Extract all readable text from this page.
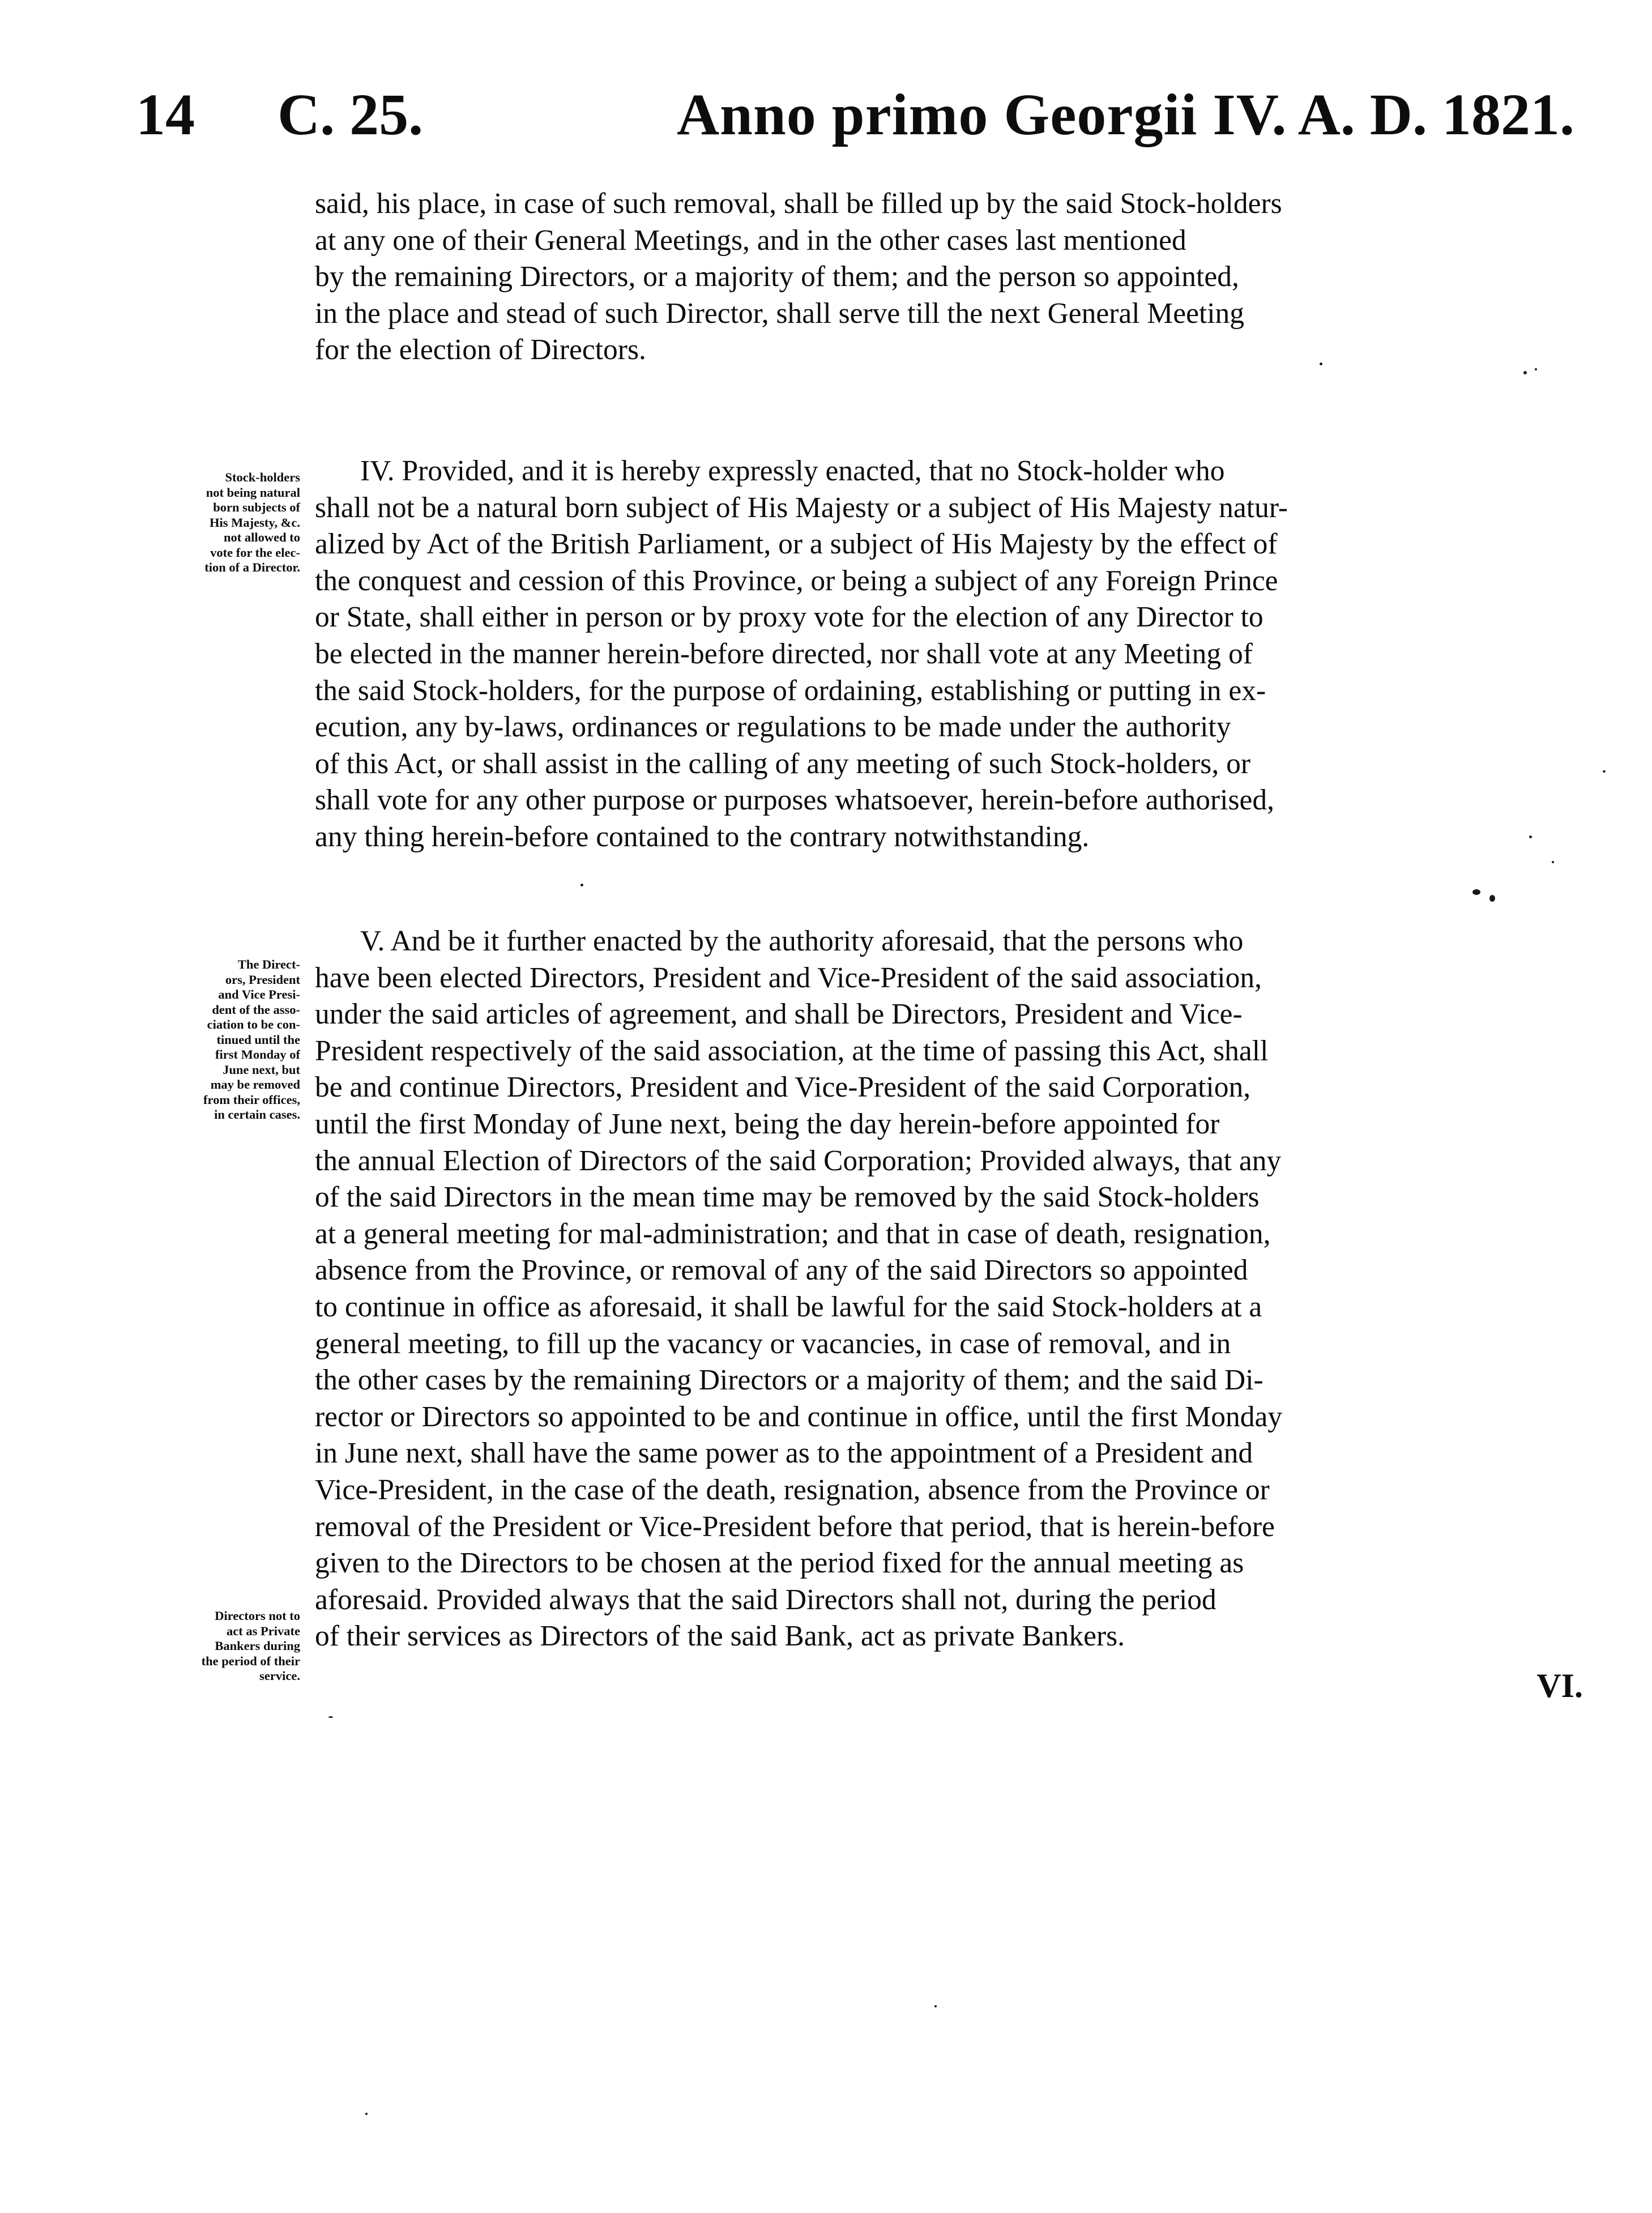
14 C. 25.	Anno primo Georgii IV. A. D. 1821.

said, his place, in case of such removal, shall be filled up by the said Stock-holders
at any one of their General Meetings, and in the other cases last mentioned
by the remaining Directors, or a majority of them; and the person so appointed,
in the place and stead of such Director, shall serve till the next General Meeting
for the election of Directors.

Stock-holders
not being natural
born subjects of
His Majesty, &c.
not allowed to
vote for the elec-
tion of a Director.

IV. Provided, and it is hereby expressly enacted, that no Stock-holder who
shall not be a natural born subject of His Majesty or a subject of His Majesty natur-
alized by Act of the British Parliament, or a subject of His Majesty by the effect of
the conquest and cession of this Province, or being a subject of any Foreign Prince
or State, shall either in person or by proxy vote for the election of any Director to
be elected in the manner herein-before directed, nor shall vote at any Meeting of
the said Stock-holders, for the purpose of ordaining, establishing or putting in ex-
ecution, any by-laws, ordinances or regulations to be made under the authority
of this Act, or shall assist in the calling of any meeting of such Stock-holders, or
shall vote for any other purpose or purposes whatsoever, herein-before authorised,
any thing herein-before contained to the contrary notwithstanding.

The Direct-
ors, President
and Vice Presi-
dent of the asso-
ciation to be con-
tinued until the
first Monday of
June next, but
may be removed
from their offices,
in certain cases.
Directors not to
act as Private
Bankers during
the period of their
service.

V. And be it further enacted by the authority aforesaid, that the persons who
have been elected Directors, President and Vice-President of the said association,
under the said articles of agreement, and shall be Directors, President and Vice-
President respectively of the said association, at the time of passing this Act, shall
be and continue Directors, President and Vice-President of the said Corporation,
until the first Monday of June next, being the day herein-before appointed for
the annual Election of Directors of the said Corporation; Provided always, that any
of the said Directors in the mean time may be removed by the said Stock-holders
at a general meeting for mal-administration; and that in case of death, resignation,
absence from the Province, or removal of any of the said Directors so appointed
to continue in office as aforesaid, it shall be lawful for the said Stock-holders at a
general meeting, to fill up the vacancy or vacancies, in case of removal, and in
the other cases by the remaining Directors or a majority of them; and the said Di-
rector or Directors so appointed to be and continue in office, until the first Monday
in June next, shall have the same power as to the appointment of a President and
Vice-President, in the case of the death, resignation, absence from the Province or
removal of the President or Vice-President before that period, that is herein-before
given to the Directors to be chosen at the period fixed for the annual meeting as
aforesaid. Provided always that the said Directors shall not, during the period
of their services as Directors of the said Bank, act as private Bankers.

VI.
